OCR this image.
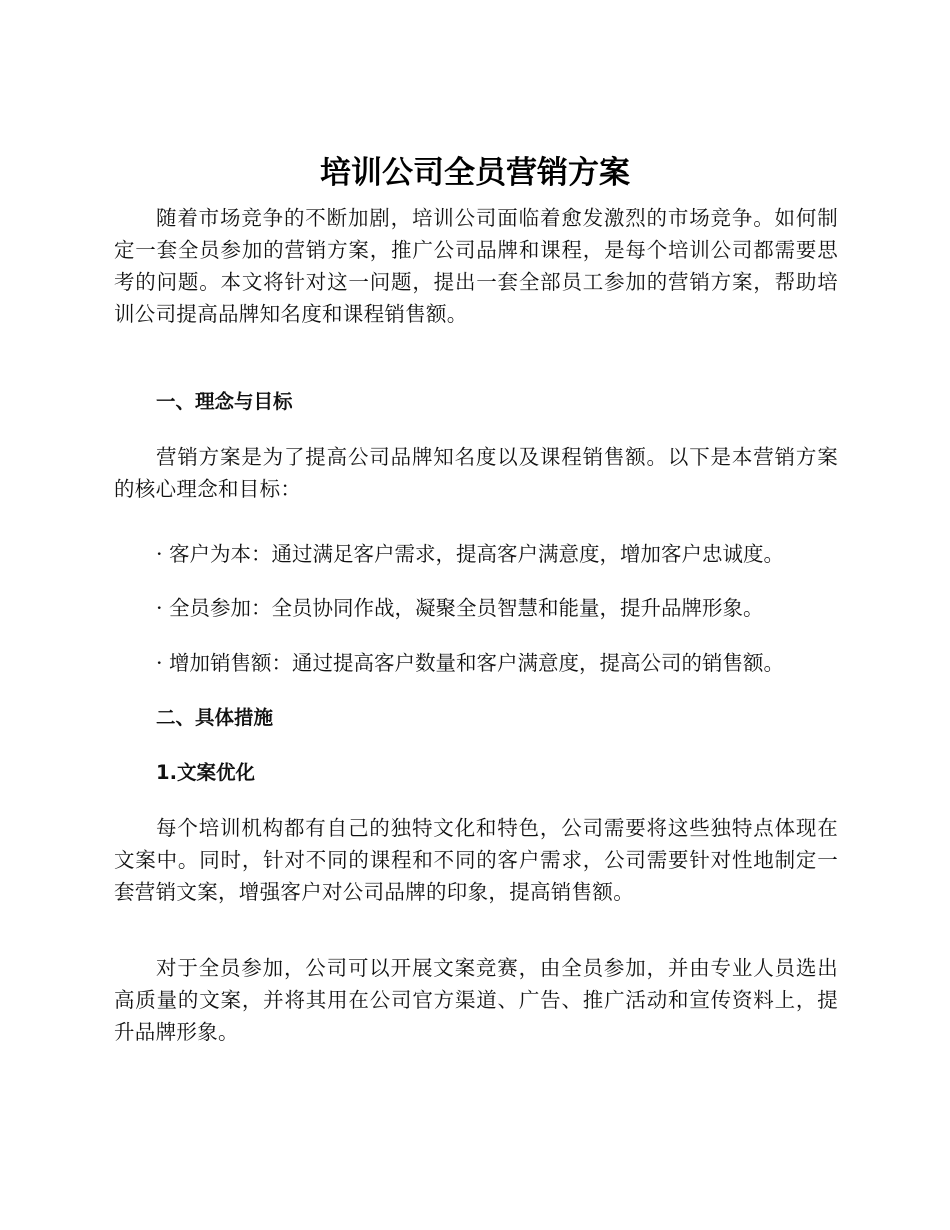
培训公司全员营销方案

随着市场竞争的不断加剧，培训公司面临着愈发激烈的市场竞争。如何制定一套全员参加的营销方案，推广公司品牌和课程，是每个培训公司都需要思考的问题。本文将针对这一问题，提出一套全部员工参加的营销方案，帮助培训公司提高品牌知名度和课程销售额。

一、理念与目标

营销方案是为了提高公司品牌知名度以及课程销售额。以下是本营销方案的核心理念和目标：

· 客户为本：通过满足客户需求，提高客户满意度，增加客户忠诚度。

· 全员参加：全员协同作战，凝聚全员智慧和能量，提升品牌形象。

· 增加销售额：通过提高客户数量和客户满意度，提高公司的销售额。

二、具体措施
1.文案优化

每个培训机构都有自己的独特文化和特色，公司需要将这些独特点体现在文案中。同时，针对不同的课程和不同的客户需求，公司需要针对性地制定一套营销文案，增强客户对公司品牌的印象，提高销售额。

对于全员参加，公司可以开展文案竞赛，由全员参加，并由专业人员选出高质量的文案，并将其用在公司官方渠道、广告、推广活动和宣传资料上，提升品牌形象。
